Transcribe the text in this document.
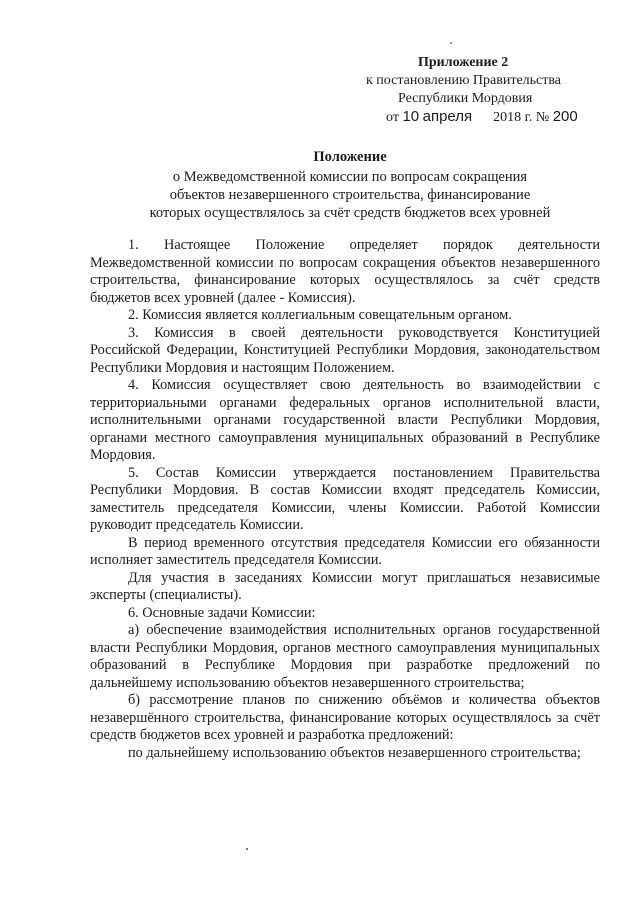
Приложение 2
к постановлению Правительства
Республики Мордовия
от 10 апреля 2018 г. № 200
Положение
о Межведомственной комиссии по вопросам сокращения
объектов незавершенного строительства, финансирование
которых осуществлялось за счёт средств бюджетов всех уровней

1. Настоящее Положение определяет порядок деятельности Межведомственной комиссии по вопросам сокращения объектов незавершенного строительства, финансирование которых осуществлялось за счёт средств бюджетов всех уровней (далее - Комиссия).

2. Комиссия является коллегиальным совещательным органом.

3. Комиссия в своей деятельности руководствуется Конституцией Российской Федерации, Конституцией Республики Мордовия, законодательством Республики Мордовия и настоящим Положением.

4. Комиссия осуществляет свою деятельность во взаимодействии с территориальными органами федеральных органов исполнительной власти, исполнительными органами государственной власти Республики Мордовия, органами местного самоуправления муниципальных образований в Республике Мордовия.

5. Состав Комиссии утверждается постановлением Правительства Республики Мордовия. В состав Комиссии входят председатель Комиссии, заместитель председателя Комиссии, члены Комиссии. Работой Комиссии руководит председатель Комиссии.

В период временного отсутствия председателя Комиссии его обязанности исполняет заместитель председателя Комиссии.

Для участия в заседаниях Комиссии могут приглашаться независимые эксперты (специалисты).

6. Основные задачи Комиссии:

а) обеспечение взаимодействия исполнительных органов государственной власти Республики Мордовия, органов местного самоуправления муниципальных образований в Республике Мордовия при разработке предложений по дальнейшему использованию объектов незавершенного строительства;

б) рассмотрение планов по снижению объёмов и количества объектов незавершённого строительства, финансирование которых осуществлялось за счёт средств бюджетов всех уровней и разработка предложений:

по дальнейшему использованию объектов незавершенного строительства;
